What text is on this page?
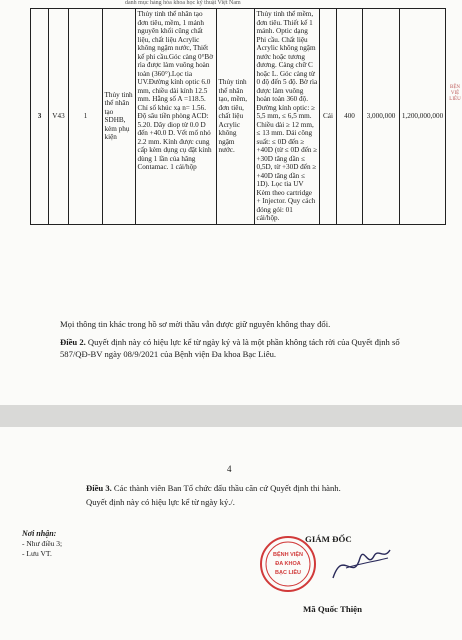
danh mục hàng hóa khoa học kỹ thuật Việt Nam
3	V43	1	Thủy tinh thể nhân tạo SDHB, kèm phụ kiện	Thủy tinh thể nhân tạo đơn tiêu, mềm, 1 mảnh nguyên khối cũng chất liệu, chất liệu Acrylic không ngậm nước, Thiết kế phi cầu.Góc càng 0°Bờ rìa được làm vuông hoàn toàn (360°).Lọc tia UV.Đường kính optic 6.0 mm, chiều dài kính 12.5 mm. Hằng số A =118.5. Chỉ số khúc xạ n= 1.56. Độ sâu tiền phòng ACD: 5.20. Dây diop từ 0.0 D đến +40.0 D. Vết mổ nhỏ 2.2 mm. Kính được cung cấp kèm dụng cụ đặt kính dùng 1 lần của hãng Contamac. 1 cái/hộp	Thủy tinh thể nhân tạo, mềm, đơn tiêu, chất liệu Acrylic không ngậm nước.	Thủy tinh thể mềm, đơn tiêu. Thiết kế 1 mảnh. Optic dạng Phi cầu. Chất liệu Acrylic không ngậm nước hoặc tương đương. Càng chữ C hoặc L. Góc càng từ 0 độ đến 5 độ. Bờ rìa được làm vuông hoàn toàn 360 độ. Đường kính optic: ≥ 5,5 mm, ≤ 6,5 mm. Chiều dài ≥ 12 mm, ≤ 13 mm. Dải công suất: ≤ 0D đến ≥ +40D (từ ≤ 0D đến ≥ +30D tăng dần ≤ 0,5D, từ +30D đến ≥ +40D tăng dần ≤ 1D). Lọc tia UV Kèm theo cartridge + Injector. Quy cách đóng gói: 01 cái/hộp.	Cái	400	3,000,000	1,200,000,000
BỆN VIỆ LIÊU
Mọi thông tin khác trong hồ sơ mời thầu vẫn được giữ nguyên không thay đổi.
Điều 2. Quyết định này có hiệu lực kể từ ngày ký và là một phần không tách rời của Quyết định số 587/QĐ-BV ngày 08/9/2021 của Bệnh viện Đa khoa Bạc Liêu.
4
Điều 3. Các thành viên Ban Tổ chức đấu thầu căn cứ Quyết định thi hành.
Quyết định này có hiệu lực kể từ ngày ký./.
Nơi nhận:
- Như điều 3;
- Lưu VT.
GIÁM ĐỐC
BỆNH VIỆN
ĐA KHOA
BẠC LIÊU
Mã Quốc Thiện
